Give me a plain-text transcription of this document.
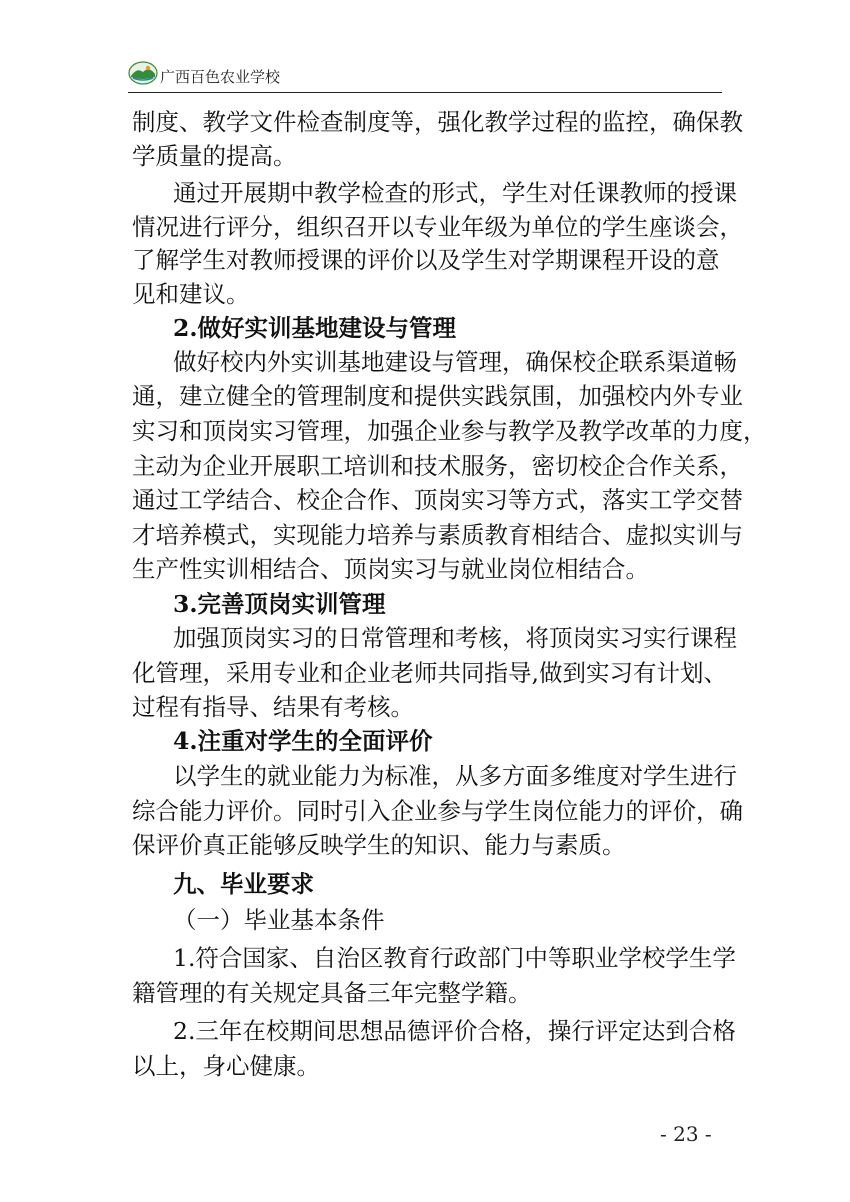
广西百色农业学校
制度、教学文件检查制度等，强化教学过程的监控，确保教
学质量的提高。
通过开展期中教学检查的形式，学生对任课教师的授课
情况进行评分，组织召开以专业年级为单位的学生座谈会，
了解学生对教师授课的评价以及学生对学期课程开设的意
见和建议。
2.做好实训基地建设与管理
做好校内外实训基地建设与管理，确保校企联系渠道畅
通，建立健全的管理制度和提供实践氛围，加强校内外专业
实习和顶岗实习管理，加强企业参与教学及教学改革的力度，
主动为企业开展职工培训和技术服务，密切校企合作关系，
通过工学结合、校企合作、顶岗实习等方式，落实工学交替
才培养模式，实现能力培养与素质教育相结合、虚拟实训与
生产性实训相结合、顶岗实习与就业岗位相结合。
3.完善顶岗实训管理
加强顶岗实习的日常管理和考核，将顶岗实习实行课程
化管理，采用专业和企业老师共同指导,做到实习有计划、
过程有指导、结果有考核。
4.注重对学生的全面评价
以学生的就业能力为标准，从多方面多维度对学生进行
综合能力评价。同时引入企业参与学生岗位能力的评价，确
保评价真正能够反映学生的知识、能力与素质。
九、毕业要求
（一）毕业基本条件
1.符合国家、自治区教育行政部门中等职业学校学生学
籍管理的有关规定具备三年完整学籍。
2.三年在校期间思想品德评价合格，操行评定达到合格
以上，身心健康。
- 23 -
